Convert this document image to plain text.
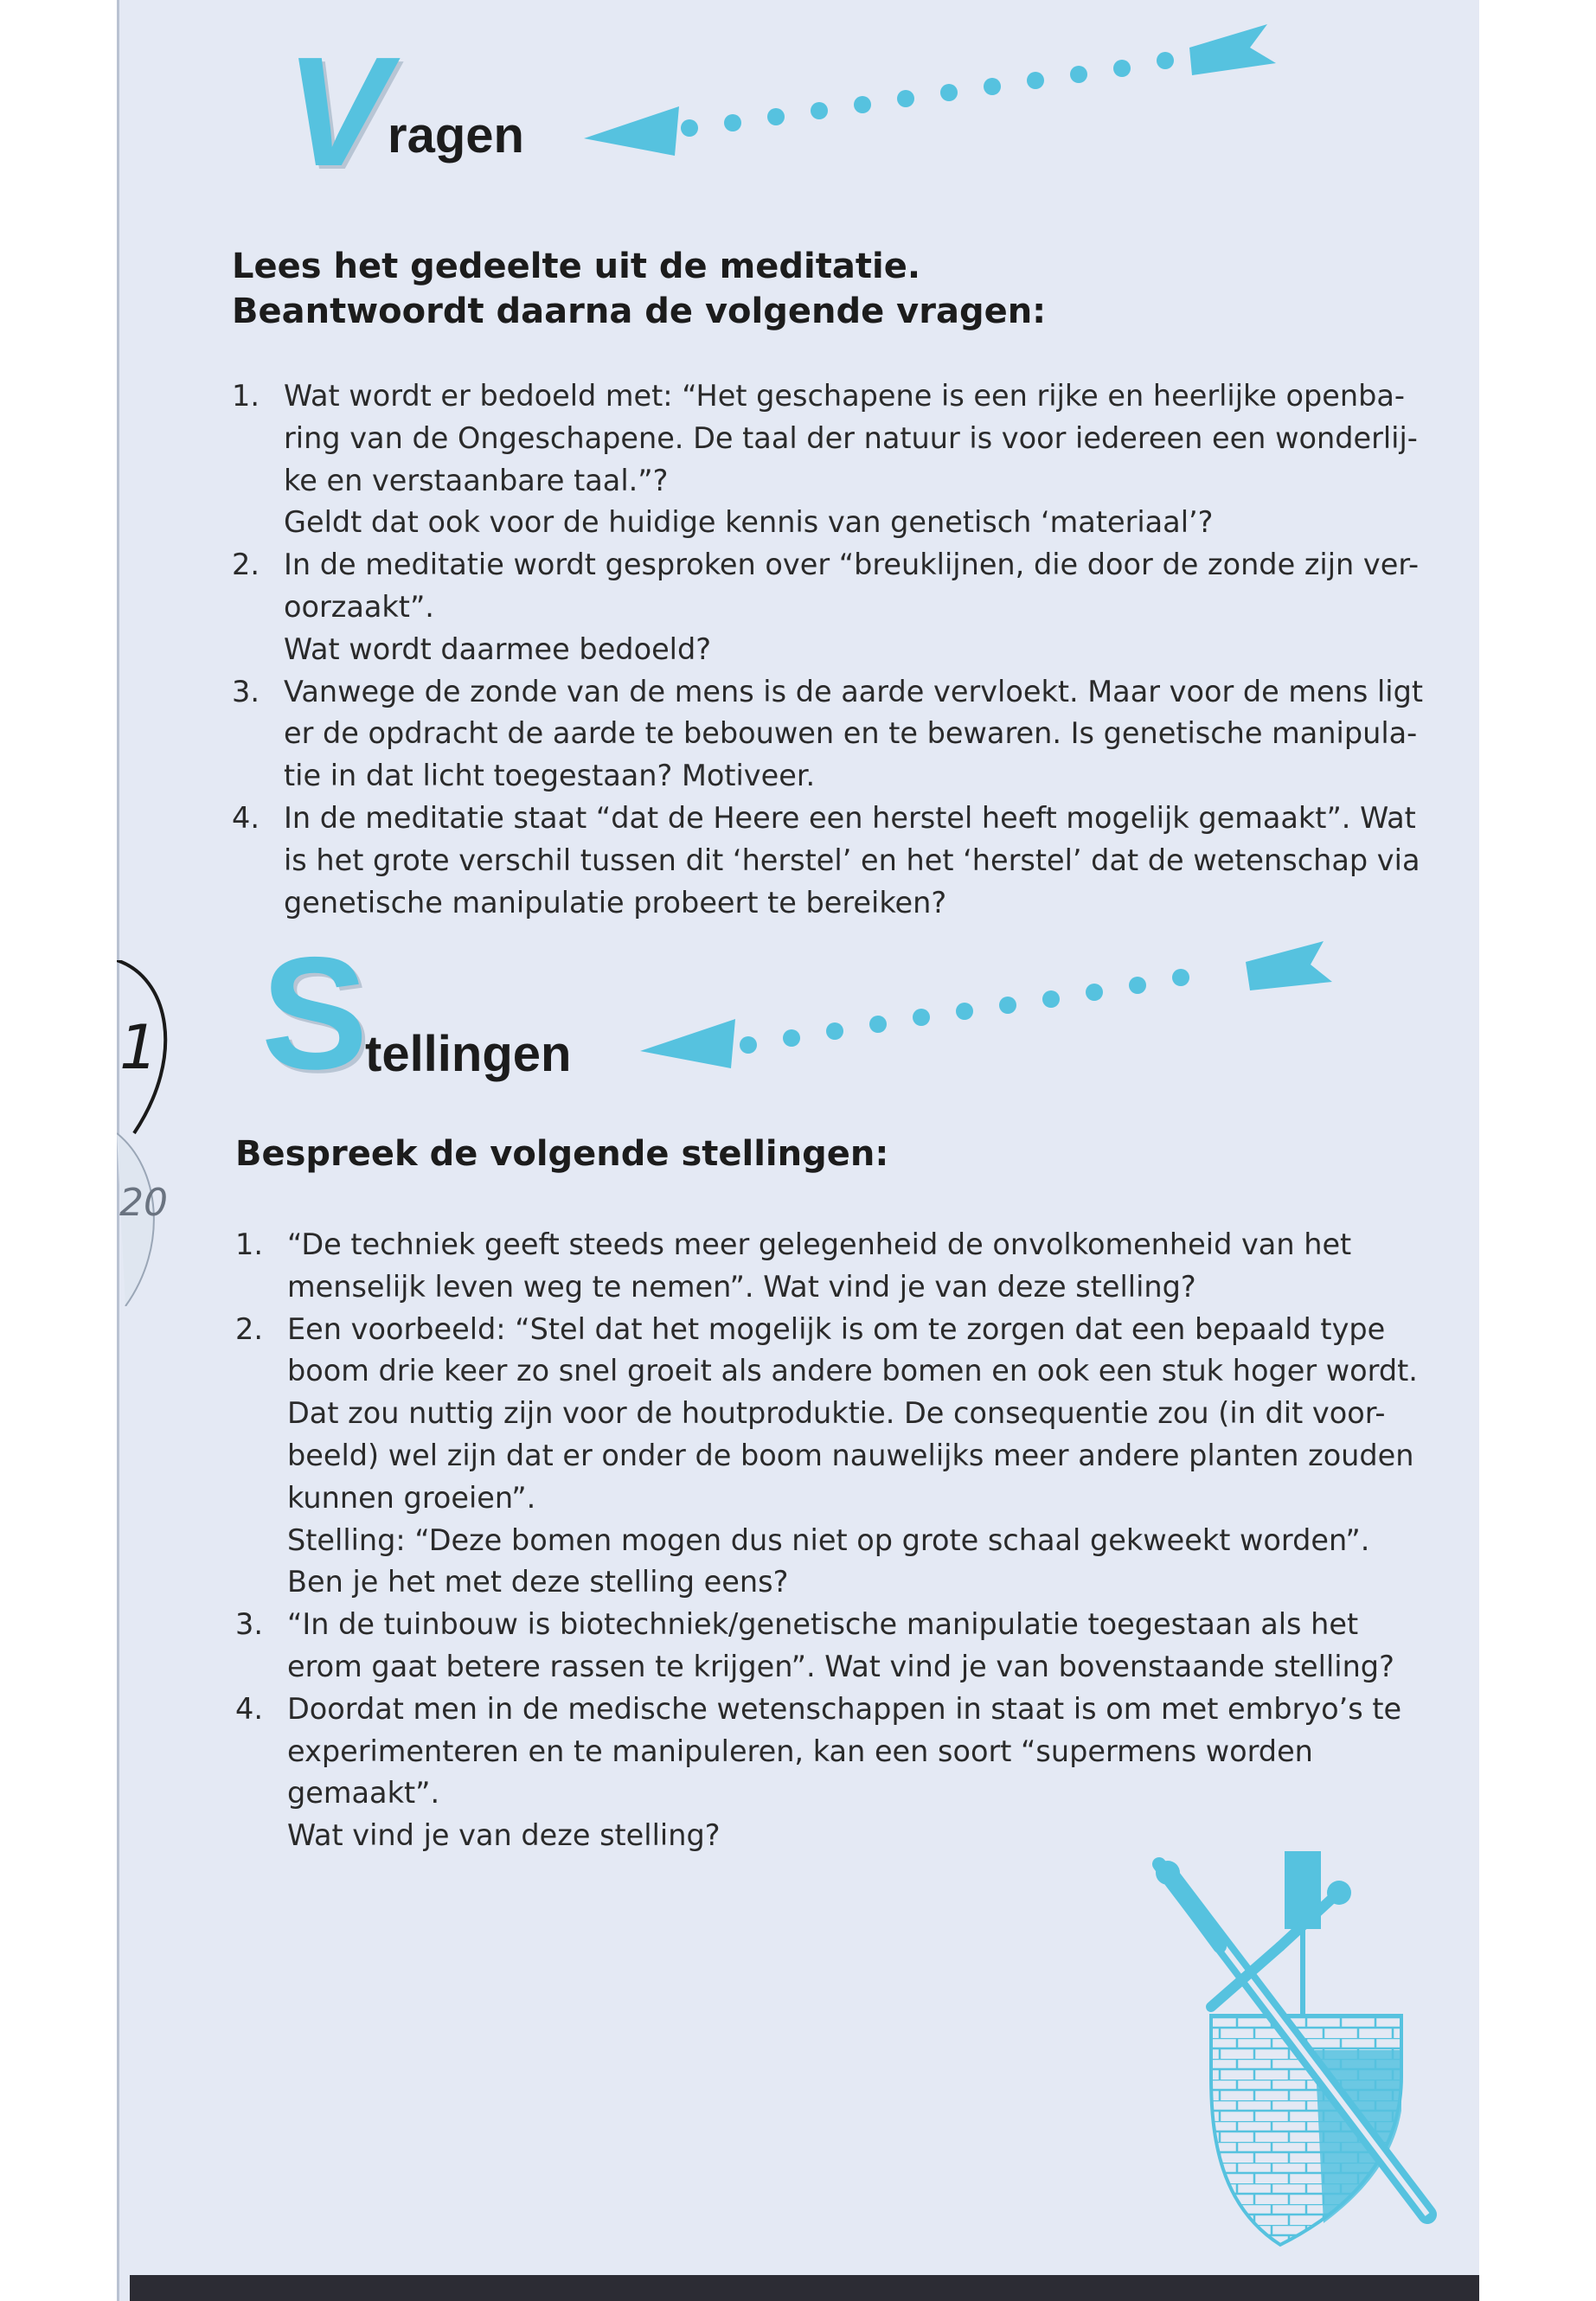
1
20
V
ragen
Lees het gedeelte uit de meditatie.
Beantwoordt daarna de volgende vragen:
1. Wat wordt er bedoeld met: “Het geschapene is een rijke en heerlijke openba-
ring van de Ongeschapene. De taal der natuur is voor iedereen een wonderlij-
ke en verstaanbare taal.”?
Geldt dat ook voor de huidige kennis van genetisch ‘materiaal’?
2. In de meditatie wordt gesproken over “breuklijnen, die door de zonde zijn ver-
oorzaakt”.
Wat wordt daarmee bedoeld?
3. Vanwege de zonde van de mens is de aarde vervloekt. Maar voor de mens ligt
er de opdracht de aarde te bebouwen en te bewaren. Is genetische manipula-
tie in dat licht toegestaan? Motiveer.
4. In de meditatie staat “dat de Heere een herstel heeft mogelijk gemaakt”. Wat
is het grote verschil tussen dit ‘herstel’ en het ‘herstel’ dat de wetenschap via
genetische manipulatie probeert te bereiken?
S
tellingen
Bespreek de volgende stellingen:
1. “De techniek geeft steeds meer gelegenheid de onvolkomenheid van het
menselijk leven weg te nemen”. Wat vind je van deze stelling?
2. Een voorbeeld: “Stel dat het mogelijk is om te zorgen dat een bepaald type
boom drie keer zo snel groeit als andere bomen en ook een stuk hoger wordt.
Dat zou nuttig zijn voor de houtproduktie. De consequentie zou (in dit voor-
beeld) wel zijn dat er onder de boom nauwelijks meer andere planten zouden
kunnen groeien”.
Stelling: “Deze bomen mogen dus niet op grote schaal gekweekt worden”.
Ben je het met deze stelling eens?
3. “In de tuinbouw is biotechniek/genetische manipulatie toegestaan als het
erom gaat betere rassen te krijgen”. Wat vind je van bovenstaande stelling?
4. Doordat men in de medische wetenschappen in staat is om met embryo’s te
experimenteren en te manipuleren, kan een soort “supermens worden
gemaakt”.
Wat vind je van deze stelling?
